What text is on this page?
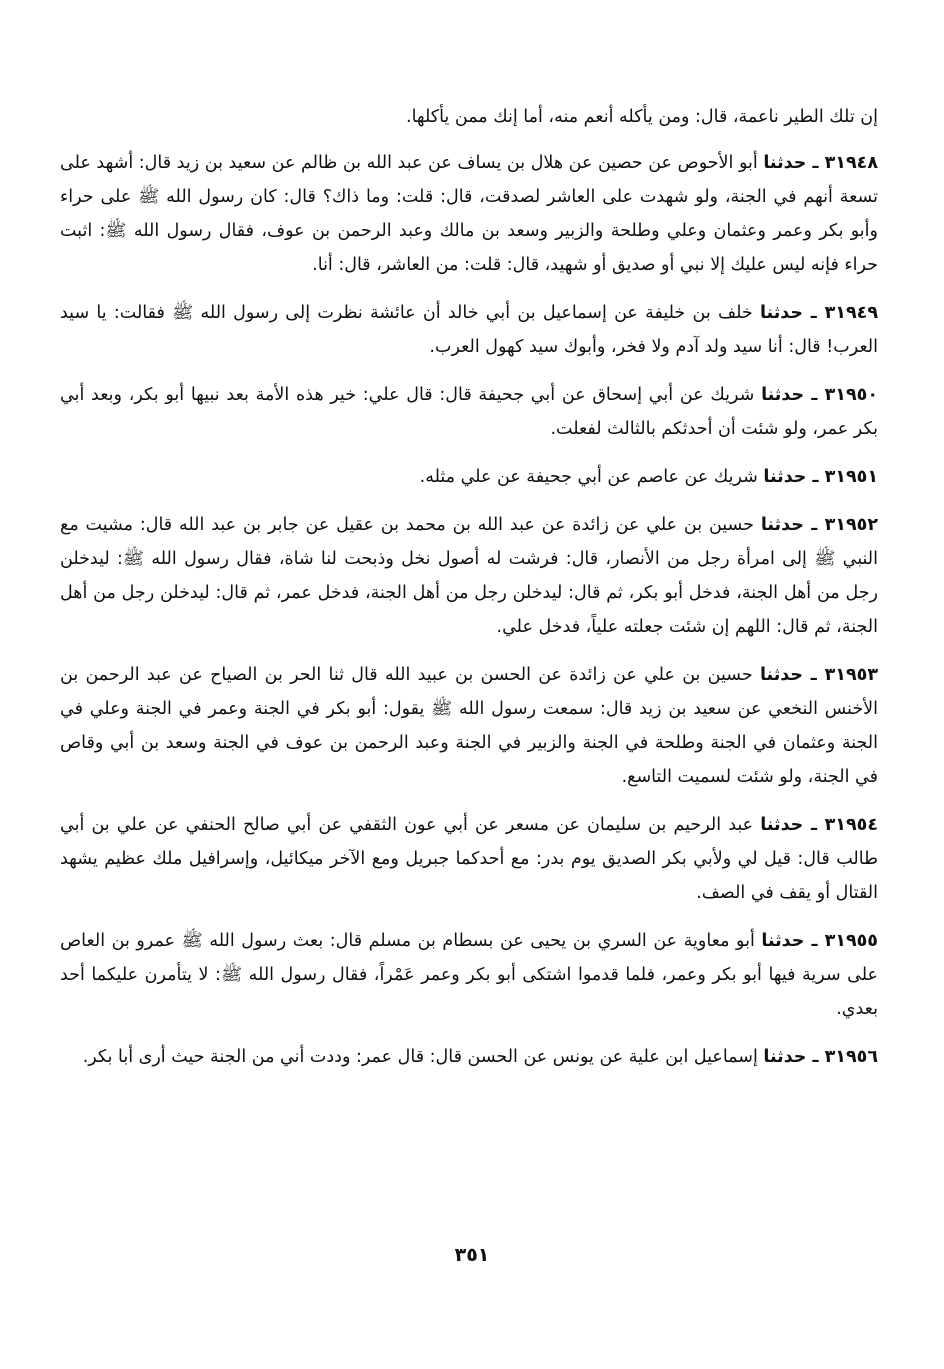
إن تلك الطير ناعمة، قال: ومن يأكله أنعم منه، أما إنك ممن يأكلها.

٣١٩٤٨ ـ حدثنا أبو الأحوص عن حصين عن هلال بن يساف عن عبد الله بن ظالم عن سعيد بن زيد قال: أشهد على تسعة أنهم في الجنة، ولو شهدت على العاشر لصدقت، قال: قلت: وما ذاك؟ قال: كان رسول الله ﷺ على حراء وأبو بكر وعمر وعثمان وعلي وطلحة والزبير وسعد بن مالك وعبد الرحمن بن عوف، فقال رسول الله ﷺ: اثبت حراء فإنه ليس عليك إلا نبي أو صديق أو شهيد، قال: قلت: من العاشر، قال: أنا.

٣١٩٤٩ ـ حدثنا خلف بن خليفة عن إسماعيل بن أبي خالد أن عائشة نظرت إلى رسول الله ﷺ فقالت: يا سيد العرب! قال: أنا سيد ولد آدم ولا فخر، وأبوك سيد كهول العرب.

٣١٩٥٠ ـ حدثنا شريك عن أبي إسحاق عن أبي جحيفة قال: قال علي: خير هذه الأمة بعد نبيها أبو بكر، وبعد أبي بكر عمر، ولو شئت أن أحدثكم بالثالث لفعلت.

٣١٩٥١ ـ حدثنا شريك عن عاصم عن أبي جحيفة عن علي مثله.

٣١٩٥٢ ـ حدثنا حسين بن علي عن زائدة عن عبد الله بن محمد بن عقيل عن جابر بن عبد الله قال: مشيت مع النبي ﷺ إلى امرأة رجل من الأنصار، قال: فرشت له أصول نخل وذبحت لنا شاة، فقال رسول الله ﷺ: ليدخلن رجل من أهل الجنة، فدخل أبو بكر، ثم قال: ليدخلن رجل من أهل الجنة، فدخل عمر، ثم قال: ليدخلن رجل من أهل الجنة، ثم قال: اللهم إن شئت جعلته علياً، فدخل علي.

٣١٩٥٣ ـ حدثنا حسين بن علي عن زائدة عن الحسن بن عبيد الله قال ثنا الحر بن الصياح عن عبد الرحمن بن الأخنس النخعي عن سعيد بن زيد قال: سمعت رسول الله ﷺ يقول: أبو بكر في الجنة وعمر في الجنة وعلي في الجنة وعثمان في الجنة وطلحة في الجنة والزبير في الجنة وعبد الرحمن بن عوف في الجنة وسعد بن أبي وقاص في الجنة، ولو شئت لسميت التاسع.

٣١٩٥٤ ـ حدثنا عبد الرحيم بن سليمان عن مسعر عن أبي عون الثقفي عن أبي صالح الحنفي عن علي بن أبي طالب قال: قيل لي ولأبي بكر الصديق يوم بدر: مع أحدكما جبريل ومع الآخر ميكائيل، وإسرافيل ملك عظيم يشهد القتال أو يقف في الصف.

٣١٩٥٥ ـ حدثنا أبو معاوية عن السري بن يحيى عن بسطام بن مسلم قال: بعث رسول الله ﷺ عمرو بن العاص على سرية فيها أبو بكر وعمر، فلما قدموا اشتكى أبو بكر وعمر عَمْراً، فقال رسول الله ﷺ: لا يتأمرن عليكما أحد بعدي.

٣١٩٥٦ ـ حدثنا إسماعيل ابن علية عن يونس عن الحسن قال: قال عمر: وددت أني من الجنة حيث أرى أبا بكر.

٣٥١
